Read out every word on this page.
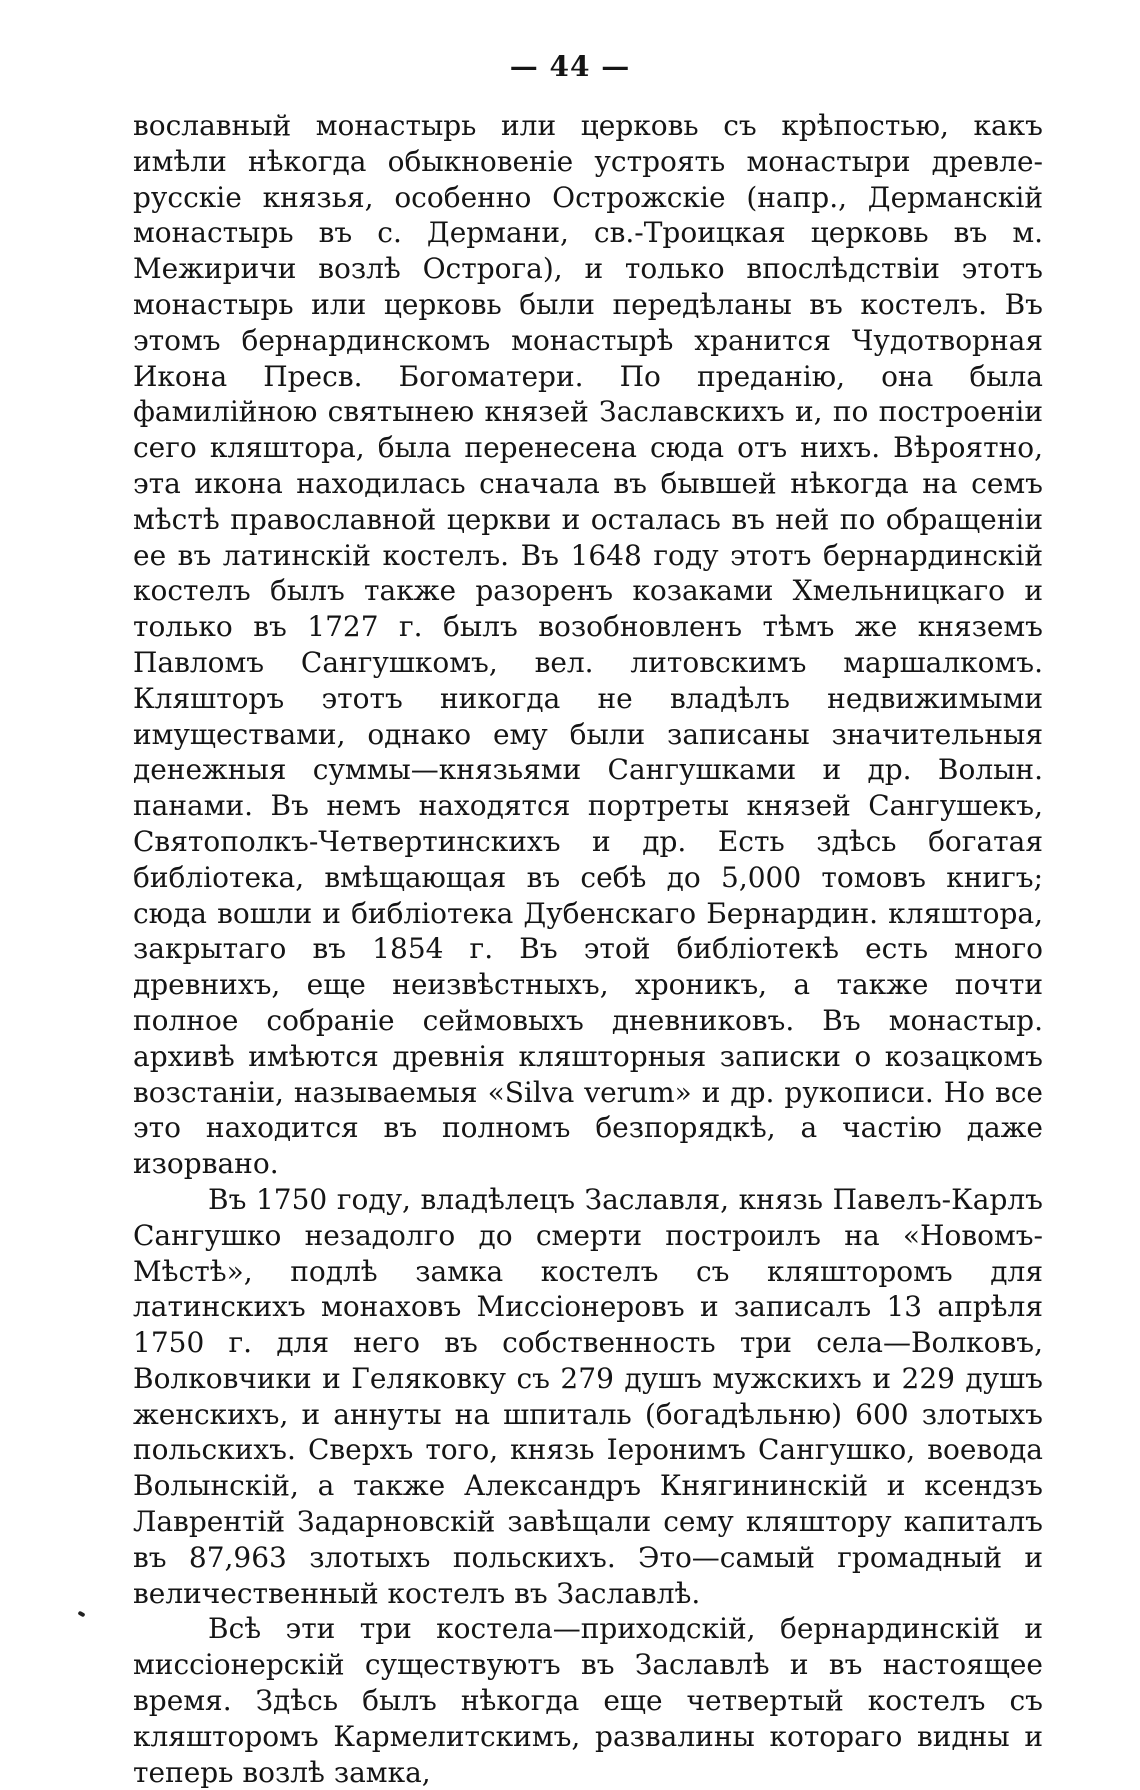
— 44 —

вославный монастырь или церковь съ крѣпостью, какъ имѣли нѣкогда обыкновеніе устроять монастыри древле-русскіе князья, особенно Острожскіе (напр., Дерманскій монастырь въ с. Дермани, св.-Троицкая церковь въ м. Межиричи возлѣ Острога), и только впослѣдствіи этотъ монастырь или церковь были передѣланы въ костелъ. Въ этомъ бернардинскомъ монастырѣ хранится Чудотворная Икона Пресв. Богоматери. По преданію, она была фамилійною святынею князей Заславскихъ и, по построеніи сего кляштора, была перенесена сюда отъ нихъ. Вѣроятно, эта икона находилась сначала въ бывшей нѣкогда на семъ мѣстѣ православной церкви и осталась въ ней по обращеніи ее въ латинскій костелъ. Въ 1648 году этотъ бернардинскій костелъ былъ также разоренъ козаками Хмельницкаго и только въ 1727 г. былъ возобновленъ тѣмъ же княземъ Павломъ Сангушкомъ, вел. литовскимъ маршалкомъ. Кляшторъ этотъ никогда не владѣлъ недвижимыми имуществами, однако ему были записаны значительныя денежныя суммы—князьями Сангушками и др. Волын. панами. Въ немъ находятся портреты князей Сангушекъ, Святополкъ-Четвертинскихъ и др. Есть здѣсь богатая библіотека, вмѣщающая въ себѣ до 5,000 томовъ книгъ; сюда вошли и библіотека Дубенскаго Бернардин. кляштора, закрытаго въ 1854 г. Въ этой библіотекѣ есть много древнихъ, еще неизвѣстныхъ, хроникъ, а также почти полное собраніе сеймовыхъ дневниковъ. Въ монастыр. архивѣ имѣются древнія кляшторныя записки о козацкомъ возстаніи, называемыя «Silva verum» и др. рукописи. Но все это находится въ полномъ безпорядкѣ, а частію даже изорвано.

Въ 1750 году, владѣлецъ Заславля, князь Павелъ-Карлъ Сангушко незадолго до смерти построилъ на «Новомъ-Мѣстѣ», подлѣ замка костелъ съ кляшторомъ для латинскихъ монаховъ Миссіонеровъ и записалъ 13 апрѣля 1750 г. для него въ собственность три села—Волковъ, Волковчики и Геляковку съ 279 душъ мужскихъ и 229 душъ женскихъ, и аннуты на шпиталь (богадѣльню) 600 злотыхъ польскихъ. Сверхъ того, князь Іеронимъ Сангушко, воевода Волынскій, а также Александръ Княгининскій и ксендзъ Лаврентій Задарновскій завѣщали сему кляштору капиталъ въ 87,963 злотыхъ польскихъ. Это—самый громадный и величественный костелъ въ Заславлѣ.

Всѣ эти три костела—приходскій, бернардинскій и миссіонерскій существуютъ въ Заславлѣ и въ настоящее время. Здѣсь былъ нѣкогда еще четвертый костелъ съ кляшторомъ Кармелитскимъ, развалины котораго видны и теперь возлѣ замка,
